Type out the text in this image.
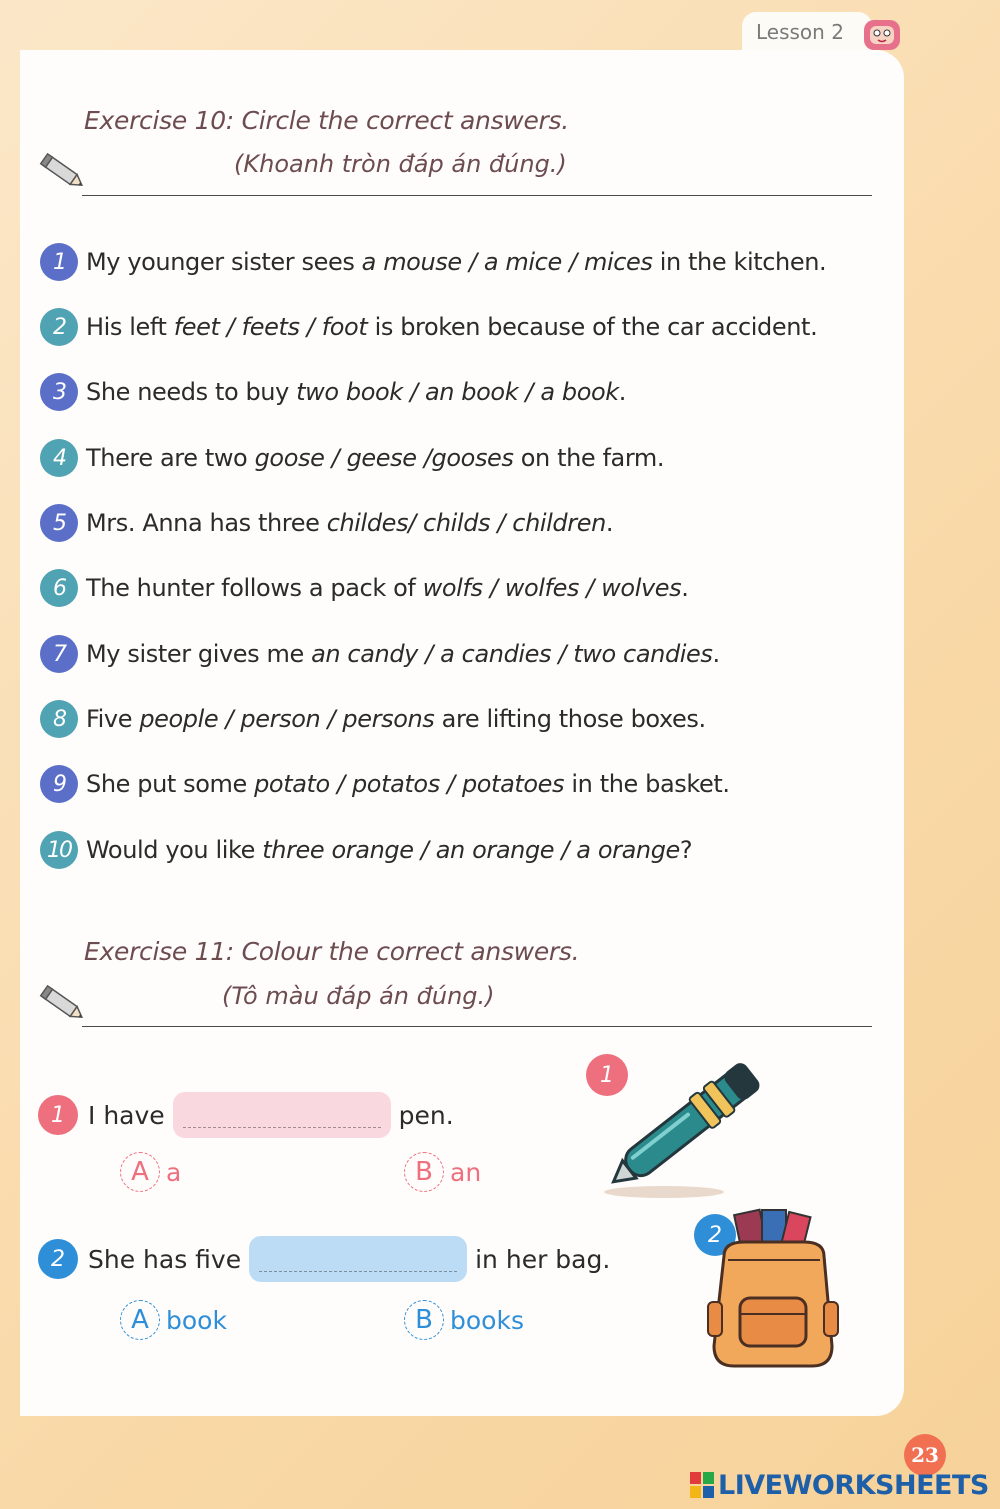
Lesson 2
Exercise 10: Circle the correct answers.
(Khoanh tròn đáp án đúng.)
1 My younger sister sees a mouse / a mice / mices in the kitchen.
2 His left feet / feets / foot is broken because of the car accident.
3 She needs to buy two book / an book / a book.
4 There are two goose / geese /gooses on the farm.
5 Mrs. Anna has three childes/ childs / children.
6 The hunter follows a pack of wolfs / wolfes / wolves.
7 My sister gives me an candy / a candies / two candies.
8 Five people / person / persons are lifting those boxes.
9 She put some potato / potatos / potatoes in the basket.
10 Would you like three orange / an orange / a orange?
Exercise 11: Colour the correct answers.
(Tô màu đáp án đúng.)
1 I have	pen.
A a	B an
1
2 She has five	in her bag.
A book	B books
2
23
LIVEWORKSHEETS
